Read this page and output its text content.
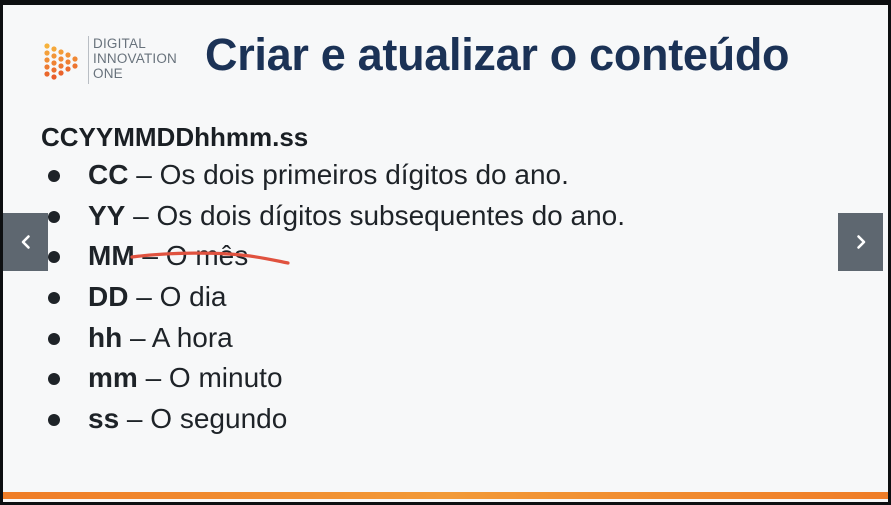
DIGITAL
INNOVATION
ONE	Criar e atualizar o conteúdo
CCYYMMDDhhmm.ss
CC – Os dois primeiros dígitos do ano.
YY – Os dois dígitos subsequentes do ano.
MM – O mês
DD – O dia
hh – A hora
mm – O minuto
ss – O segundo
